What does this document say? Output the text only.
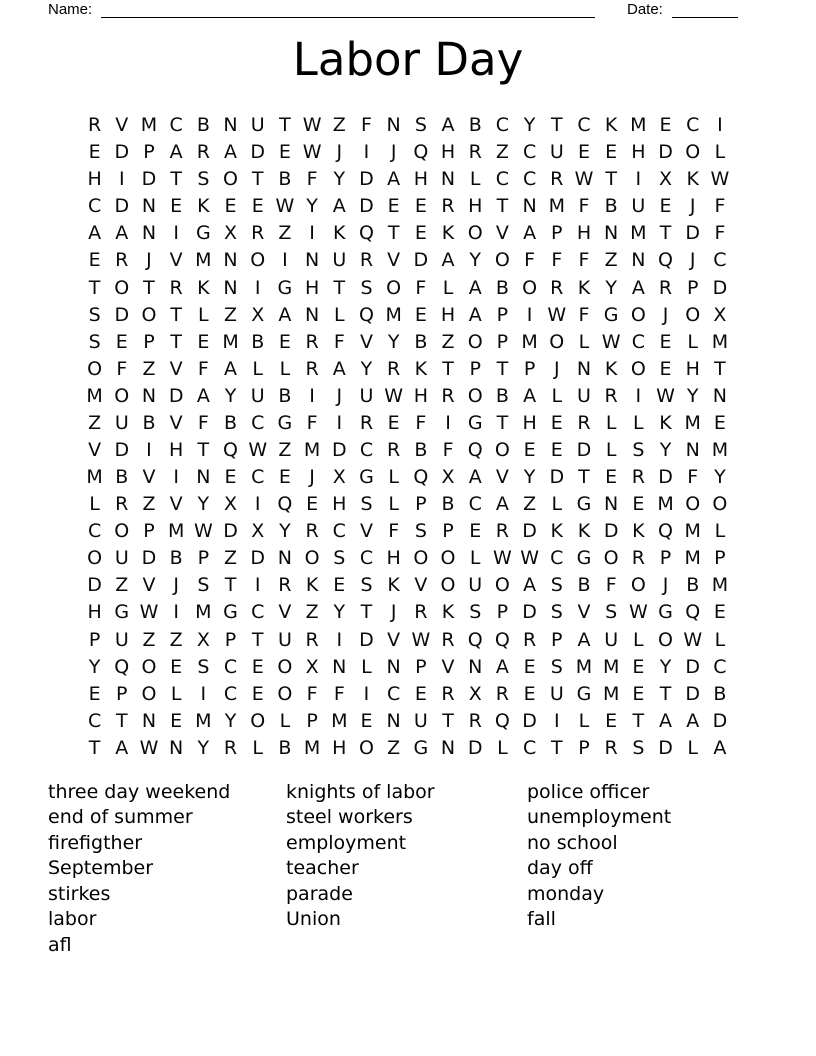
Name:	Date:
Labor Day
R V M C B N U T W Z F N S A B C Y T C K M E C I
E D P A R A D E W J	I	J Q H R Z C U E E H D O L
H I D T S O T B F Y D A H N L C C R W T I X K W
C D N E K E E W Y A D E E R H T N M F B U E J F
A A N I G X R Z I K Q T E K O V A P H N M T D F
E R J V M N O I N U R V D A Y O F F F Z N Q J C
T O T R K N I G H T S O F L A B O R K Y A R P D
S D O T L Z X A N L Q M E H A P I W F G O J O X
S E P T E M B E R F V Y B Z O P M O L W C E L M
O F Z V F A L L R A Y R K T P T P J N K O E H T
M O N D A Y U B I	J U W H R O B A L U R I W Y N
Z U B V F B C G F I R E F I G T H E R L L K M E
V D I H T Q W Z M D C R B F Q O E E D L S Y N M
M B V I N E C E J X G L Q X A V Y D T E R D F Y
L R Z V Y X I Q E H S L P B C A Z L G N E M O O
C O P M W D X Y R C V F S P E R D K K D K Q M L
O U D B P Z D N O S C H O O L W W C G O R P M P
D Z V J S T I R K E S K V O U O A S B F O J B M
H G W I M G C V Z Y T J R K S P D S V S W G Q E
P U Z Z X P T U R I D V W R Q Q R P A U L O W L
Y Q O E S C E O X N L N P V N A E S M M E Y D C
E P O L	I C E O F F I C E R X R E U G M E T D B
C T N E M Y O L P M E N U T R Q D I	L E T A A D
T A W N Y R L B M H O Z G N D L C T P R S D L A
three day weekend
end of summer
firefigther
September
stirkes
labor
afl
knights of labor
steel workers
employment
teacher
parade
Union
police officer
unemployment
no school
day off
monday
fall
